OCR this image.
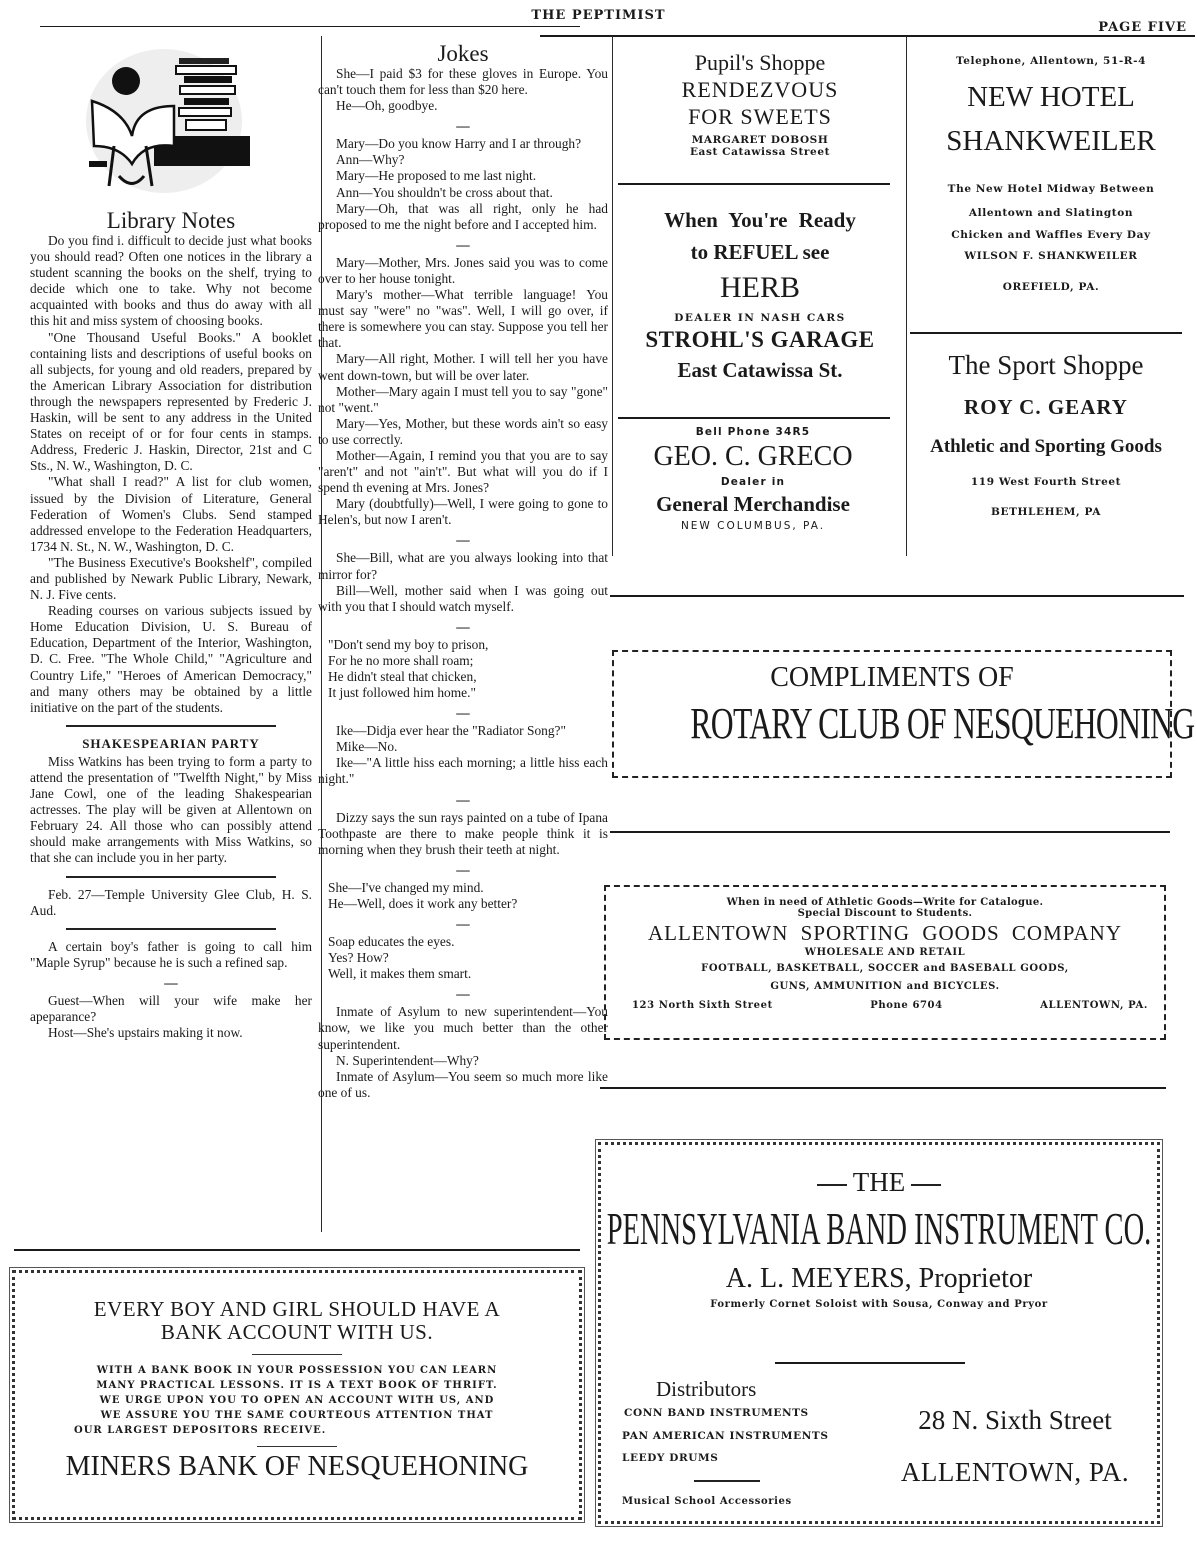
THE PEPTIMIST
PAGE FIVE
Library Notes

Do you find i. difficult to decide just what books you should read? Often one notices in the library a student scanning the books on the shelf, trying to decide which one to take. Why not become acquainted with books and thus do away with all this hit and miss system of choosing books.

"One Thousand Useful Books." A booklet containing lists and descriptions of useful books on all subjects, for young and old readers, prepared by the American Library Association for distribution through the newspapers represented by Frederic J. Haskin, will be sent to any address in the United States on receipt of or for four cents in stamps. Address, Frederic J. Haskin, Director, 21st and C Sts., N. W., Washington, D. C.

"What shall I read?" A list for club women, issued by the Division of Literature, General Federation of Women's Clubs. Send stamped addressed envelope to the Federation Headquarters, 1734 N. St., N. W., Washington, D. C.

"The Business Executive's Bookshelf", compiled and published by Newark Public Library, Newark, N. J. Five cents.

Reading courses on various subjects issued by Home Education Division, U. S. Bureau of Education, Department of the Interior, Washington, D. C. Free. "The Whole Child," "Agriculture and Country Life," "Heroes of American Democracy," and many others may be obtained by a little initiative on the part of the students.

SHAKESPEARIAN PARTY

Miss Watkins has been trying to form a party to attend the presentation of "Twelfth Night," by Miss Jane Cowl, one of the leading Shakespearian actresses. The play will be given at Allentown on February 24. All those who can possibly attend should make arrangements with Miss Watkins, so that she can include you in her party.

Feb. 27—Temple University Glee Club, H. S. Aud.

A certain boy's father is going to call him "Maple Syrup" because he is such a refined sap.

—

Guest—When will your wife make her apeparance?

Host—She's upstairs making it now.

Jokes

She—I paid $3 for these gloves in Europe. You can't touch them for less than $20 here.

He—Oh, goodbye.

—

Mary—Do you know Harry and I ar through?

Ann—Why?

Mary—He proposed to me last night.

Ann—You shouldn't be cross about that.

Mary—Oh, that was all right, only he had proposed to me the night before and I accepted him.

—

Mary—Mother, Mrs. Jones said you was to come over to her house tonight.

Mary's mother—What terrible language! You must say "were" no "was". Well, I will go over, if there is somewhere you can stay. Suppose you tell her that.

Mary—All right, Mother. I will tell her you have went down-town, but will be over later.

Mother—Mary again I must tell you to say "gone" not "went."

Mary—Yes, Mother, but these words ain't so easy to use correctly.

Mother—Again, I remind you that you are to say "aren't" and not "ain't". But what will you do if I spend th evening at Mrs. Jones?

Mary (doubtfully)—Well, I were going to gone to Helen's, but now I aren't.

—

She—Bill, what are you always looking into that mirror for?

Bill—Well, mother said when I was going out with you that I should watch myself.

—

"Don't send my boy to prison,

For he no more shall roam;

He didn't steal that chicken,

It just followed him home."

—

Ike—Didja ever hear the "Radiator Song?"

Mike—No.

Ike—"A little hiss each morning; a little hiss each night."

—

Dizzy says the sun rays painted on a tube of Ipana Toothpaste are there to make people think it is morning when they brush their teeth at night.

—

She—I've changed my mind.

He—Well, does it work any better?

—

Soap educates the eyes.

Yes? How?

Well, it makes them smart.

—

Inmate of Asylum to new superintendent—You know, we like you much better than the other superintendent.

N. Superintendent—Why?

Inmate of Asylum—You seem so much more like one of us.

Pupil's Shoppe
RENDEZVOUS
FOR SWEETS
MARGARET DOBOSH
East Catawissa Street
When You're Ready
to REFUEL see
HERB
DEALER IN NASH CARS
STROHL'S GARAGE
East Catawissa St.
Bell Phone 34R5
GEO. C. GRECO
Dealer in
General Merchandise
NEW COLUMBUS, PA.
Telephone, Allentown, 51-R-4
NEW HOTEL
SHANKWEILER
The New Hotel Midway Between
Allentown and Slatington
Chicken and Waffles Every Day
WILSON F. SHANKWEILER
OREFIELD, PA.
The Sport Shoppe
ROY C. GEARY
Athletic and Sporting Goods
119 West Fourth Street
BETHLEHEM, PA
COMPLIMENTS OF
ROTARY CLUB OF NESQUEHONING
When in need of Athletic Goods—Write for Catalogue.
Special Discount to Students.
ALLENTOWN SPORTING GOODS COMPANY
WHOLESALE AND RETAIL
FOOTBALL, BASKETBALL, SOCCER and BASEBALL GOODS,
GUNS, AMMUNITION and BICYCLES.
123 North Sixth Street	Phone 6704	ALLENTOWN, PA.
EVERY BOY AND GIRL SHOULD HAVE A
BANK ACCOUNT WITH US.
WITH A BANK BOOK IN YOUR POSSESSION YOU CAN LEARN
MANY PRACTICAL LESSONS. IT IS A TEXT BOOK OF THRIFT.
WE URGE UPON YOU TO OPEN AN ACCOUNT WITH US, AND
WE ASSURE YOU THE SAME COURTEOUS ATTENTION THAT
OUR LARGEST DEPOSITORS RECEIVE.
MINERS BANK OF NESQUEHONING
THE
PENNSYLVANIA BAND INSTRUMENT CO.
A. L. MEYERS, Proprietor
Formerly Cornet Soloist with Sousa, Conway and Pryor
Distributors
CONN BAND INSTRUMENTS
PAN AMERICAN INSTRUMENTS
LEEDY DRUMS
Musical School Accessories
28 N. Sixth Street
ALLENTOWN, PA.
